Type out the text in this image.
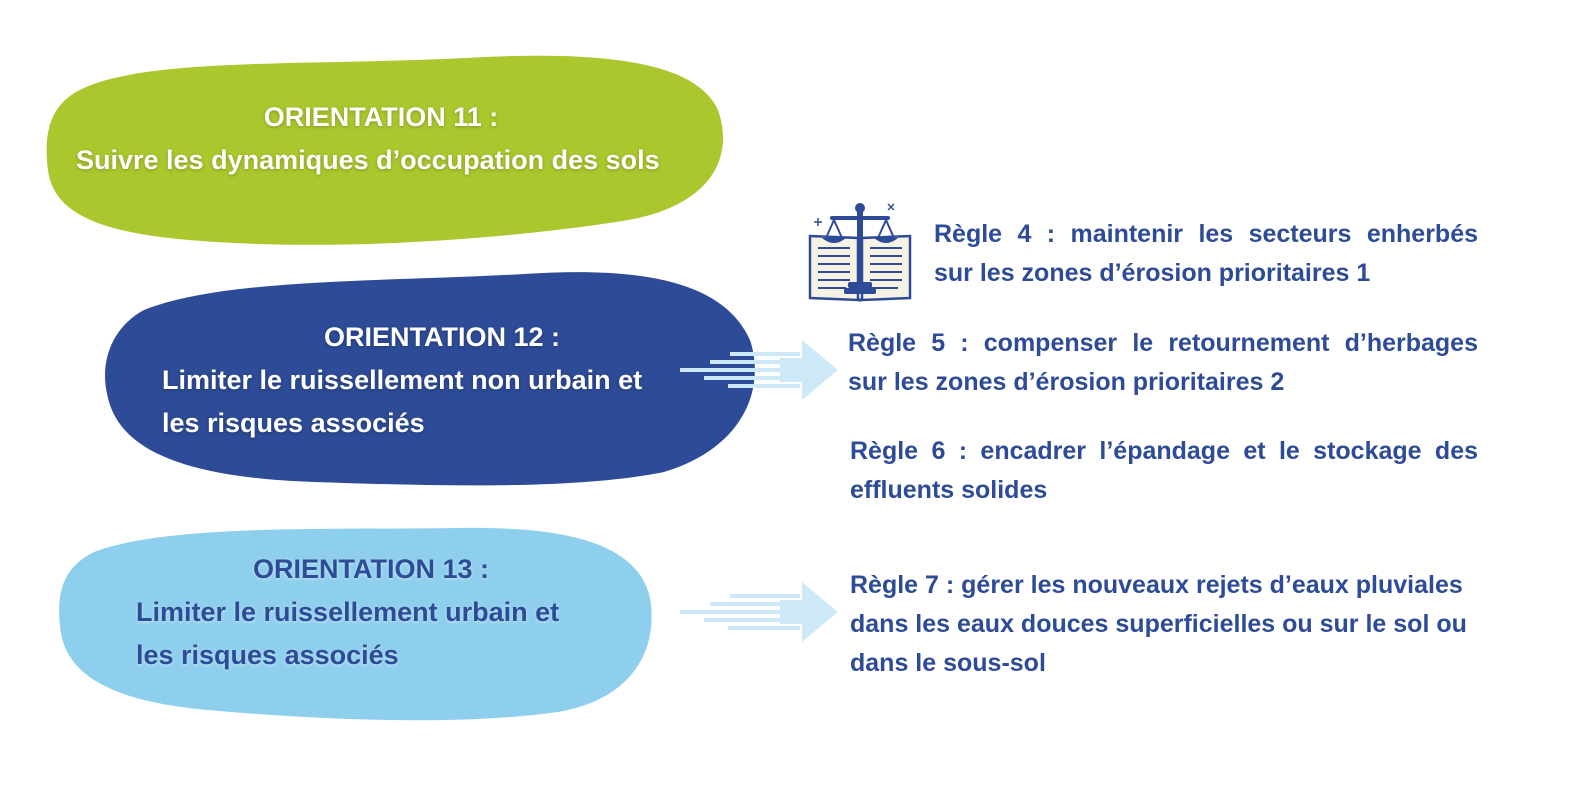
ORIENTATION 11 :
Suivre les dynamiques d’occupation des sols
ORIENTATION 12 :
Limiter le ruissellement non urbain et
les risques associés
ORIENTATION 13 :
Limiter le ruissellement urbain et
les risques associés
Règle 4 : maintenir les secteurs enherbés
sur les zones d’érosion prioritaires 1
Règle 5 : compenser le retournement d’herbages
sur les zones d’érosion prioritaires 2
Règle 6 : encadrer l’épandage et le stockage des
effluents solides
Règle 7 : gérer les nouveaux rejets d’eaux pluviales
dans les eaux douces superficielles ou sur le sol ou
dans le sous-sol
